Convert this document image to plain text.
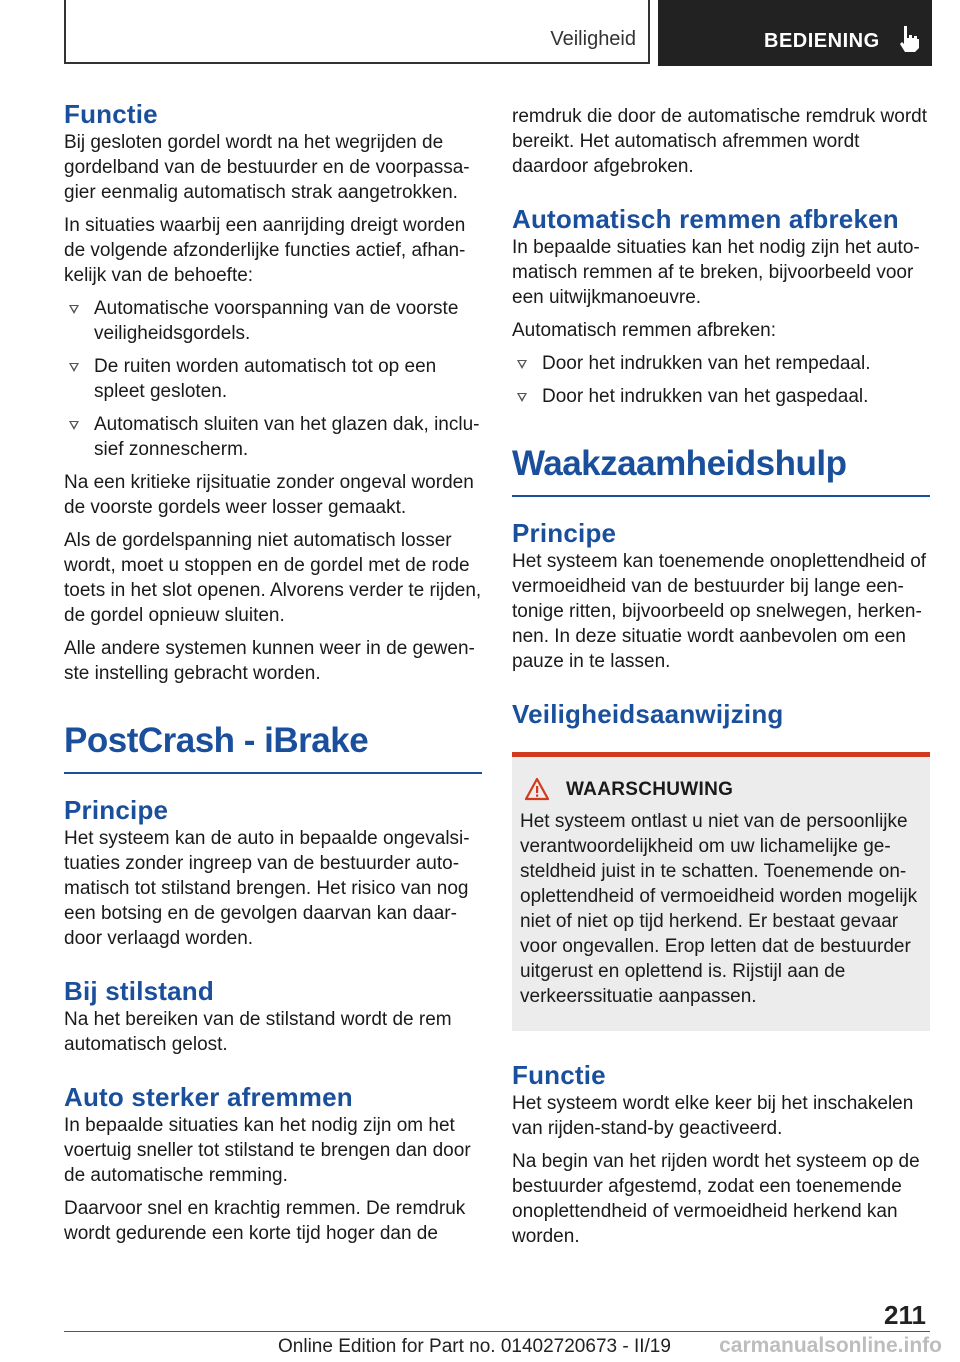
Veiligheid	BEDIENING
Functie

Bij gesloten gordel wordt na het wegrijden de gordelband van de bestuurder en de voorpassagier eenmalig automatisch strak aangetrokken.

In situaties waarbij een aanrijding dreigt worden de volgende afzonderlijke functies actief, afhankelijk van de behoefte:

Automatische voorspanning van de voorste veiligheidsgordels.
De ruiten worden automatisch tot op een spleet gesloten.
Automatisch sluiten van het glazen dak, inclusief zonnescherm.

Na een kritieke rijsituatie zonder ongeval worden de voorste gordels weer losser gemaakt.

Als de gordelspanning niet automatisch losser wordt, moet u stoppen en de gordel met de rode toets in het slot openen. Alvorens verder te rijden, de gordel opnieuw sluiten.

Alle andere systemen kunnen weer in de gewenste instelling gebracht worden.

PostCrash - iBrake
Principe

Het systeem kan de auto in bepaalde ongevalsituaties zonder ingreep van de bestuurder automatisch tot stilstand brengen. Het risico van nog een botsing en de gevolgen daarvan kan daardoor verlaagd worden.

Bij stilstand

Na het bereiken van de stilstand wordt de rem automatisch gelost.

Auto sterker afremmen

In bepaalde situaties kan het nodig zijn om het voertuig sneller tot stilstand te brengen dan door de automatische remming.

Daarvoor snel en krachtig remmen. De remdruk wordt gedurende een korte tijd hoger dan de

remdruk die door de automatische remdruk wordt bereikt. Het automatisch afremmen wordt daardoor afgebroken.

Automatisch remmen afbreken

In bepaalde situaties kan het nodig zijn het automatisch remmen af te breken, bijvoorbeeld voor een uitwijkmanoeuvre.

Automatisch remmen afbreken:

Door het indrukken van het rempedaal.
Door het indrukken van het gaspedaal.
Waakzaamheidshulp
Principe

Het systeem kan toenemende onoplettendheid of vermoeidheid van de bestuurder bij lange eentonige ritten, bijvoorbeeld op snelwegen, herkennen. In deze situatie wordt aanbevolen om een pauze in te lassen.

Veiligheidsaanwijzing
WAARSCHUWING

Het systeem ontlast u niet van de persoonlijke verantwoordelijkheid om uw lichamelijke gesteldheid juist in te schatten. Toenemende onoplettendheid of vermoeidheid worden mogelijk niet of niet op tijd herkend. Er bestaat gevaar voor ongevallen. Erop letten dat de bestuurder uitgerust en oplettend is. Rijstijl aan de verkeerssituatie aanpassen.

Functie

Het systeem wordt elke keer bij het inschakelen van rijden-stand-by geactiveerd.

Na begin van het rijden wordt het systeem op de bestuurder afgestemd, zodat een toenemende onoplettendheid of vermoeidheid herkend kan worden.

211
Online Edition for Part no. 01402720673 - II/19 carmanualsonline.info
